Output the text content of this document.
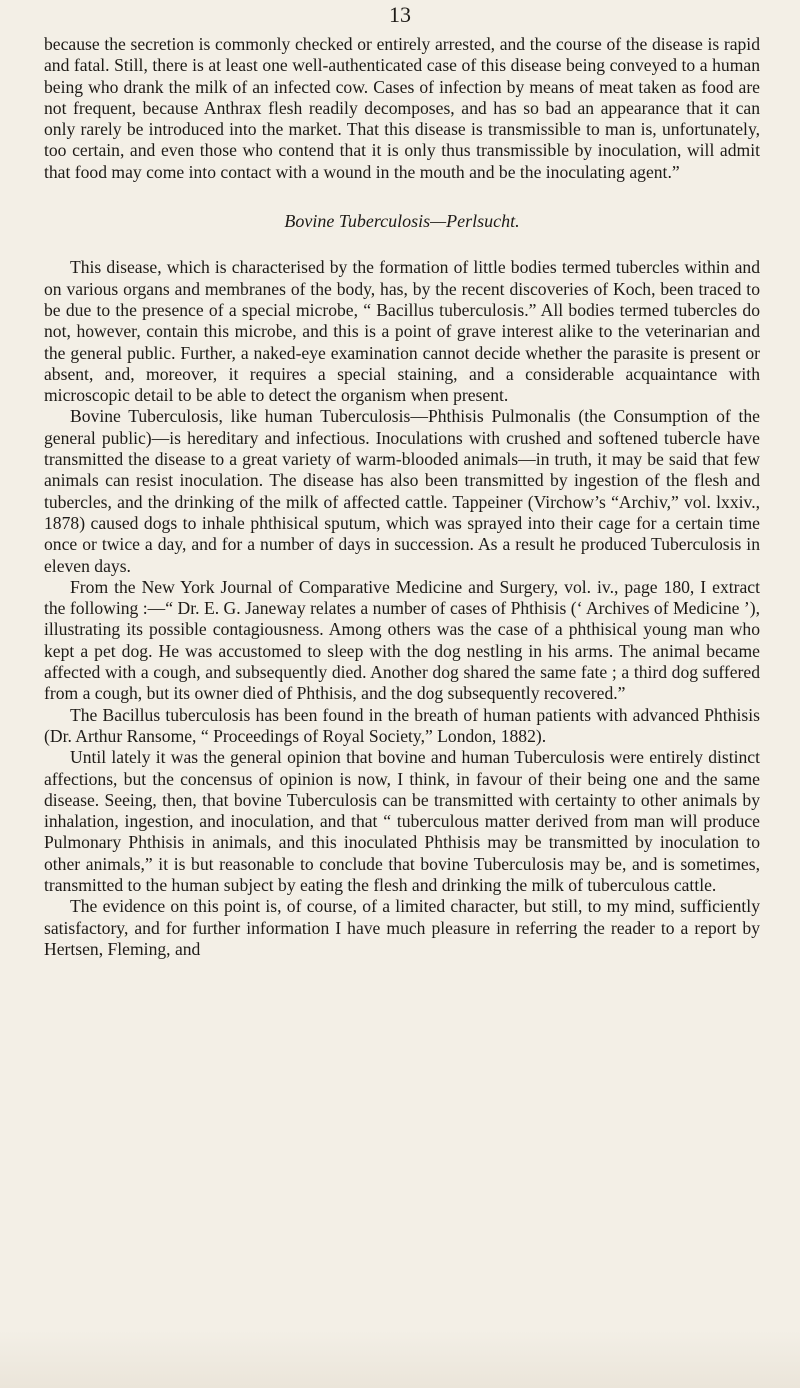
13

because the secretion is commonly checked or entirely arrested, and the course of the disease is rapid and fatal. Still, there is at least one well-authenticated case of this disease being conveyed to a human being who drank the milk of an infected cow. Cases of infection by means of meat taken as food are not frequent, because Anthrax flesh readily decomposes, and has so bad an appearance that it can only rarely be introduced into the market. That this disease is transmissible to man is, unfortunately, too certain, and even those who contend that it is only thus transmissible by inoculation, will admit that food may come into contact with a wound in the mouth and be the inoculating agent.”

Bovine Tuberculosis—Perlsucht.

This disease, which is characterised by the formation of little bodies termed tubercles within and on various organs and membranes of the body, has, by the recent discoveries of Koch, been traced to be due to the presence of a special microbe, “ Bacillus tuberculosis.” All bodies termed tubercles do not, however, contain this microbe, and this is a point of grave interest alike to the veterinarian and the general public. Further, a naked-eye examination cannot decide whether the parasite is present or absent, and, moreover, it requires a special staining, and a considerable acquaintance with microscopic detail to be able to detect the organism when present.

Bovine Tuberculosis, like human Tuberculosis—Phthisis Pulmonalis (the Consumption of the general public)—is hereditary and infectious. Inoculations with crushed and softened tubercle have transmitted the disease to a great variety of warm-blooded animals—in truth, it may be said that few animals can resist inoculation. The disease has also been transmitted by ingestion of the flesh and tubercles, and the drinking of the milk of affected cattle. Tappeiner (Virchow’s “Archiv,” vol. lxxiv., 1878) caused dogs to inhale phthisical sputum, which was sprayed into their cage for a certain time once or twice a day, and for a number of days in succession. As a result he produced Tuberculosis in eleven days.

From the New York Journal of Comparative Medicine and Surgery, vol. iv., page 180, I extract the following :—“ Dr. E. G. Janeway relates a number of cases of Phthisis (‘ Archives of Medicine ’), illustrating its possible contagiousness. Among others was the case of a phthisical young man who kept a pet dog. He was accustomed to sleep with the dog nestling in his arms. The animal became affected with a cough, and subsequently died. Another dog shared the same fate ; a third dog suffered from a cough, but its owner died of Phthisis, and the dog subsequently recovered.”

The Bacillus tuberculosis has been found in the breath of human patients with advanced Phthisis (Dr. Arthur Ransome, “ Proceedings of Royal Society,” London, 1882).

Until lately it was the general opinion that bovine and human Tuberculosis were entirely distinct affections, but the concensus of opinion is now, I think, in favour of their being one and the same disease. Seeing, then, that bovine Tuberculosis can be transmitted with certainty to other animals by inhalation, ingestion, and inoculation, and that “ tuberculous matter derived from man will produce Pulmonary Phthisis in animals, and this inoculated Phthisis may be transmitted by inoculation to other animals,” it is but reasonable to conclude that bovine Tuberculosis may be, and is sometimes, transmitted to the human subject by eating the flesh and drinking the milk of tuberculous cattle.

The evidence on this point is, of course, of a limited character, but still, to my mind, sufficiently satisfactory, and for further information I have much pleasure in referring the reader to a report by Hertsen, Fleming, and
